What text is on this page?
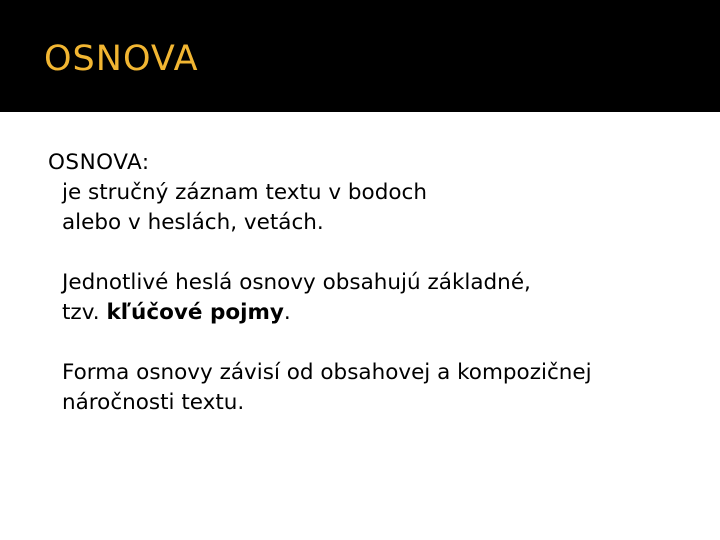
OSNOVA
OSNOVA:
je stručný záznam textu v bodoch
alebo v heslách, vetách.
Jednotlivé heslá osnovy obsahujú základné,
tzv. kľúčové pojmy.
Forma osnovy závisí od obsahovej a kompozičnej
náročnosti textu.
